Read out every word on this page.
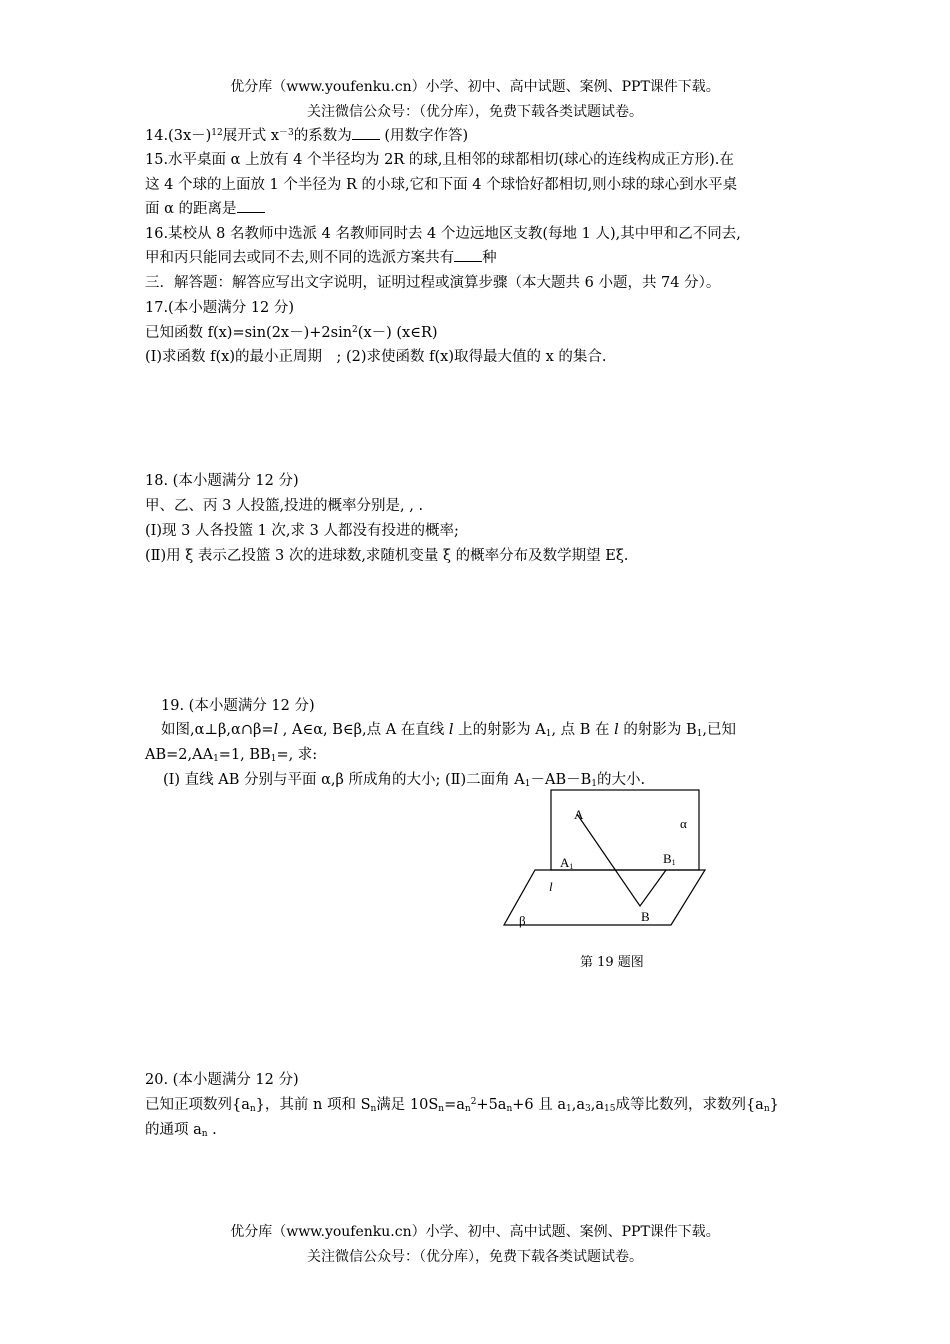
优分库（www.youfenku.cn）小学、初中、高中试题、案例、PPT课件下载。
关注微信公众号：（优分库），免费下载各类试题试卷。
$14.(3x-)^{12}$展开式 $x^{-3}$的系数为 (用数字作答)
15.水平桌面 α 上放有 4 个半径均为 2R 的球,且相邻的球都相切(球心的连线构成正方形).在
这 4 个球的上面放 1 个半径为 R 的小球,它和下面 4 个球恰好都相切,则小球的球心到水平桌
面 α 的距离是
16.某校从 8 名教师中选派 4 名教师同时去 4 个边远地区支教(每地 1 人),其中甲和乙不同去,
甲和丙只能同去或同不去,则不同的选派方案共有 种
三．解答题：解答应写出文字说明，证明过程或演算步骤（本大题共 6 小题，共 74 分）。
17.(本小题满分 12 分)
已知函数 $f(x)=\sin(2x-)+2\sin^2(x-)$ (x∈R)
(I)求函数 f(x)的最小正周期　; (2)求使函数 f(x)取得最大值的 x 的集合.
18. (本小题满分 12 分)
甲、乙、丙 3 人投篮,投进的概率分别是, , .
(I)现 3 人各投篮 1 次,求 3 人都没有投进的概率;
(Ⅱ)用 ξ 表示乙投篮 3 次的进球数,求随机变量 ξ 的概率分布及数学期望 Eξ.
19. (本小题满分 12 分)
如图,α⊥β,α∩β=l , A∈α, B∈β,点 A 在直线 l 上的射影为 $A_1$, 点 B 在 l 的射影为 $B_1$,已知
$AB=2,AA_1=1$, $BB_1=$, 求:
(I) 直线 AB 分别与平面 α,β 所成角的大小; (Ⅱ)二面角 $A_1-AB-B_1$的大小.
A
α
A1
B1
l
B
β
第 19 题图
20. (本小题满分 12 分)
已知正项数列$\{a_n\}$，其前 n 项和 $S_n$满足 $10S_n=a_n^2+5a_n+6$ 且 $a_1,a_3,a_{15}$成等比数列，求数列$\{a_n\}$
的通项 $a_n$ .
优分库（www.youfenku.cn）小学、初中、高中试题、案例、PPT课件下载。
关注微信公众号：（优分库），免费下载各类试题试卷。
